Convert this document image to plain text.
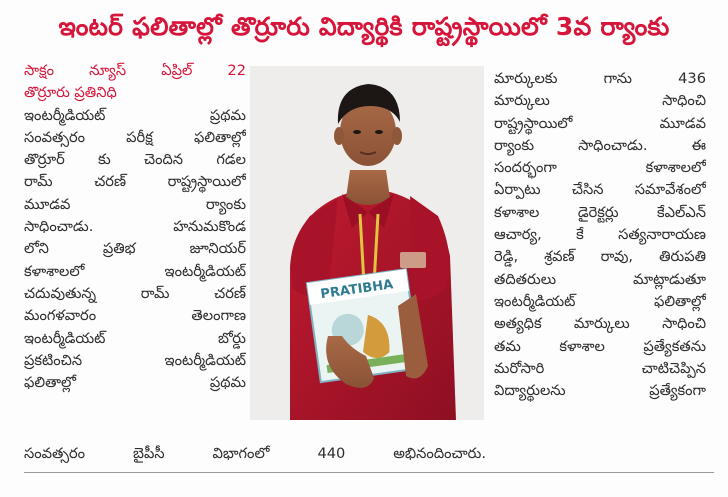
ఇంటర్ ఫలితాల్లో తొర్రూరు విద్యార్థికి రాష్ట్రస్థాయిలో 3వ ర్యాంకు
సాక్షం న్యూస్ ఏప్రిల్ 22
తొర్రూరు ప్రతినిధి
ఇంటర్మీడియట్ ప్రథమ
సంవత్సరం పరీక్ష ఫలితాల్లో
తొర్రూర్ కు చెందిన గడల
రామ్ చరణ్ రాష్ట్రస్థాయిలో
మూడవ ర్యాంకు
సాధించాడు. హనుమకొండ
లోని ప్రతిభ జూనియర్
కళాశాలలో ఇంటర్మీడియట్
చదువుతున్న రామ్ చరణ్
మంగళవారం తెలంగాణ
ఇంటర్మీడియట్ బోర్డు
ప్రకటించిన ఇంటర్మీడియట్
ఫలితాల్లో ప్రథమ
PRATIBHA
మార్కులకు గాను 436
మార్కులు సాధించి
రాష్ట్రస్థాయిలో మూడవ
ర్యాంకు సాధించాడు. ఈ
సందర్భంగా కళాశాలలో
ఏర్పాటు చేసిన సమావేశంలో
కళాశాల డైరెక్టర్లు కేఎల్ఎన్
ఆచార్య, కే సత్యనారాయణ
రెడ్డి, శ్రవణ్ రావు, తిరుపతి
తదితరులు మాట్లాడుతూ
ఇంటర్మీడియట్ ఫలితాల్లో
అత్యధిక మార్కులు సాధించి
తమ కళాశాల ప్రత్యేకతను
మరోసారి చాటిచెప్పిన
విద్యార్థులను ప్రత్యేకంగా
సంవత్సరం	బైపీసీ	విభాగంలో	440	అభినందించారు.
